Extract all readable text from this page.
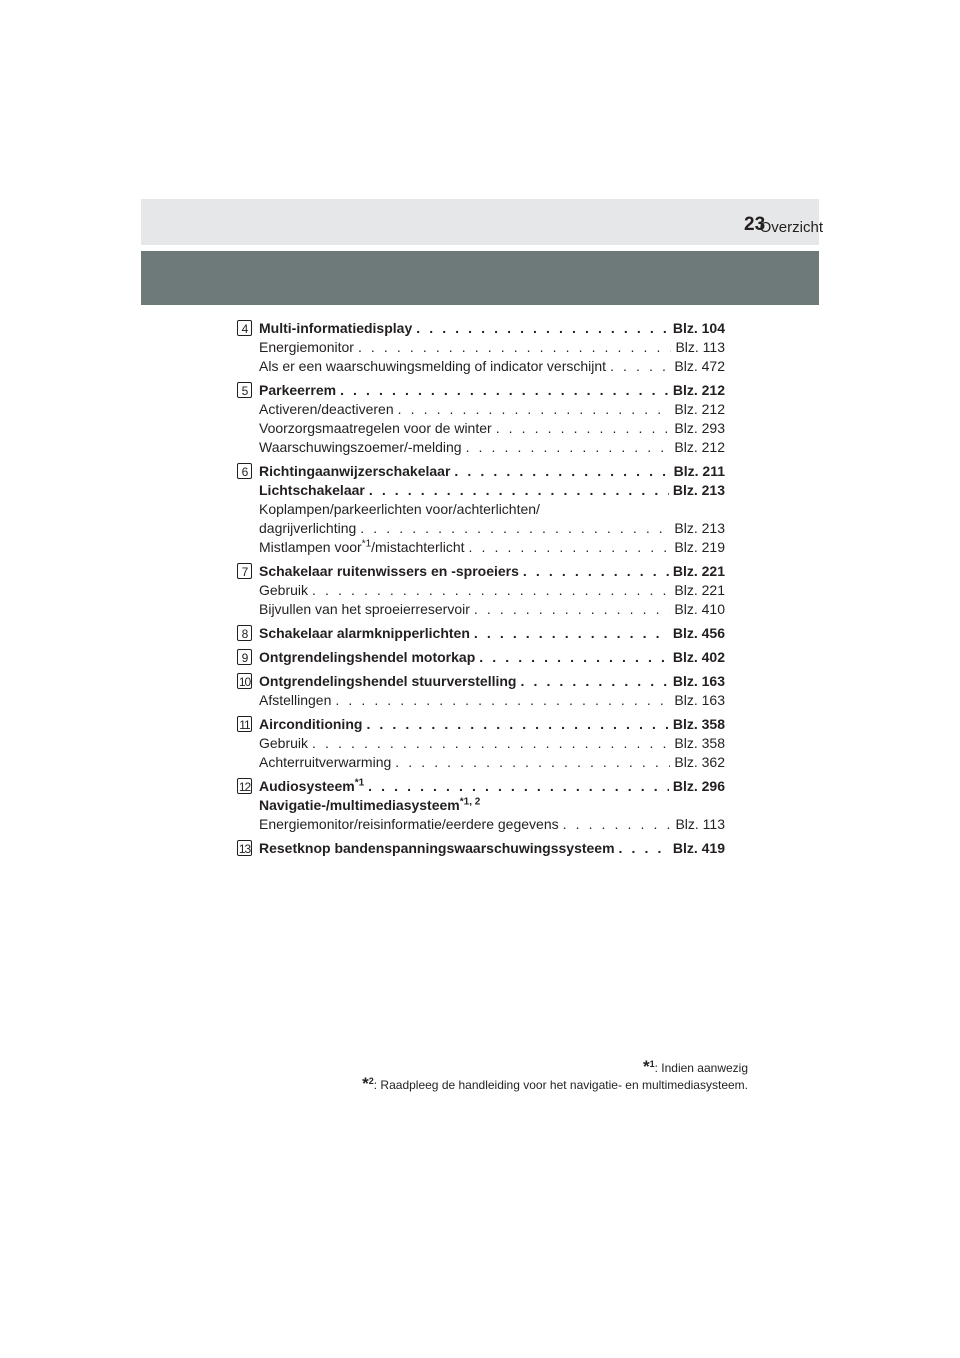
Overzicht
23
4 Multi-informatiedisplay . . .	Blz. 104
Energiemonitor . . .	Blz. 113
Als er een waarschuwingsmelding of indicator verschijnt . . .	Blz. 472
5 Parkeerrem . . .	Blz. 212
Activeren/deactiveren . . .	Blz. 212
Voorzorgsmaatregelen voor de winter . . .	Blz. 293
Waarschuwingszoemer/-melding . . .	Blz. 212
6 Richtingaanwijzerschakelaar . . .	Blz. 211
Lichtschakelaar . . .	Blz. 213
Koplampen/parkeerlichten voor/achterlichten/
dagrijverlichting . . .	Blz. 213
Mistlampen voor$^{*1}$/mistachterlicht . . .	Blz. 219
7 Schakelaar ruitenwissers en -sproeiers . . .	Blz. 221
Gebruik . . .	Blz. 221
Bijvullen van het sproeierreservoir . . .	Blz. 410
8 Schakelaar alarmknipperlichten . . .	Blz. 456
9 Ontgrendelingshendel motorkap . . .	Blz. 402
10 Ontgrendelingshendel stuurverstelling . . .	Blz. 163
Afstellingen . . .	Blz. 163
11 Airconditioning . . .	Blz. 358
Gebruik . . .	Blz. 358
Achterruitverwarming . . .	Blz. 362
12 Audiosysteem$^{*1}$ . . .	Blz. 296
Navigatie-/multimediasysteem$^{*1, 2}$
Energiemonitor/reisinformatie/eerdere gegevens . . .	Blz. 113
13 Resetknop bandenspanningswaarschuwingssysteem . . .	Blz. 419
*$^1$: Indien aanwezig
*$^2$: Raadpleeg de handleiding voor het navigatie- en multimediasysteem.
